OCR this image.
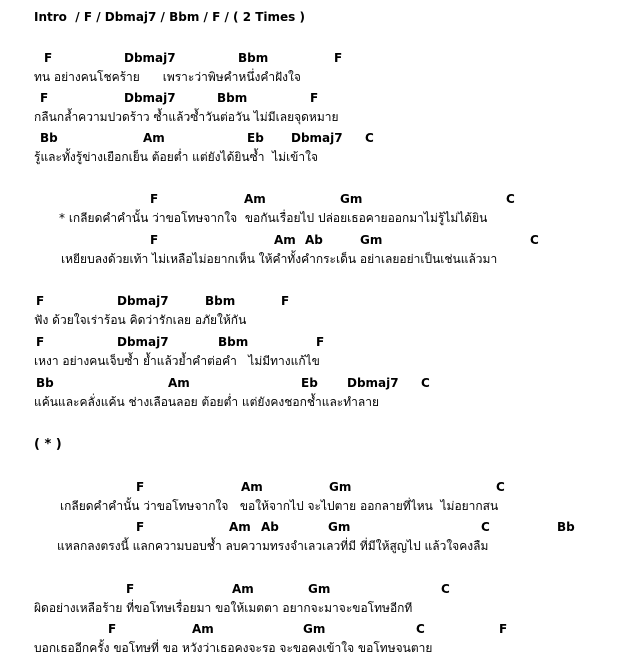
Intro  / F / Dbmaj7 / Bbm / F / ( 2 Times )
F	Dbmaj7	Bbm	F
ทน อย่างคนโชคร้าย      เพราะว่าพิษคำหนึ่งคำฝังใจ
F	Dbmaj7	Bbm	F
กลืนกล้ำความปวดร้าว ซ้ำแล้วซ้ำวันต่อวัน ไม่มีเลยจุดหมาย
Bb	Am	Eb Dbmaj7 C
รู้และทั้งรู้ข่างเยือกเย็น ต้อยต่ำ แต่ยังได้ยินซ้ำ  ไม่เข้าใจ
F	Am	Gm	C
* เกลียดคำคำนั้น ว่าขอโทษจากใจ  ขอกันเรื่อยไป ปล่อยเธอคายออกมาไม่รู้ไม่ได้ยิน
F	Am Ab	Gm	C
เหยียบลงด้วยเท้า ไม่เหลือไม่อยากเห็น ให้คำทั้งคำกระเด็น อย่าเลยอย่าเป็นเช่นแล้วมา
F	Dbmaj7	Bbm	F
ฟัง ด้วยใจเร่าร้อน คิดว่ารักเลย อภัยให้กัน
F	Dbmaj7	Bbm	F
เหงา อย่างคนเจ็บซ้ำ ย้ำแล้วย้ำคำต่อคำ   ไม่มีทางแก้ไข
Bb	Am	Eb Dbmaj7 C
แค้นและคลั่งแค้น ช่างเลือนลอย ต้อยต่ำ แต่ยังคงชอกช้ำและทำลาย
( * )
F	Am	Gm	C
เกลียดคำคำนั้น ว่าขอโทษจากใจ   ขอให้จากไป จะไปตาย ออกลายที่ไหน  ไม่อยากสน
F	Am Ab	Gm	C	Bb
แหลกลงตรงนี้ แลกความบอบช้ำ ลบความทรงจำเลวเลวที่มี ที่มีให้สูญไป แล้วใจคงลืม
F	Am	Gm	C
ผิดอย่างเหลือร้าย ที่ขอโทษเรื่อยมา ขอให้เมตตา อยากจะมาจะขอโทษอีกที
F	Am	Gm	C	F
บอกเธออีกครั้ง ขอโทษที่ ขอ หวังว่าเธอคงจะรอ จะขอคงเข้าใจ ขอโทษจนตาย
